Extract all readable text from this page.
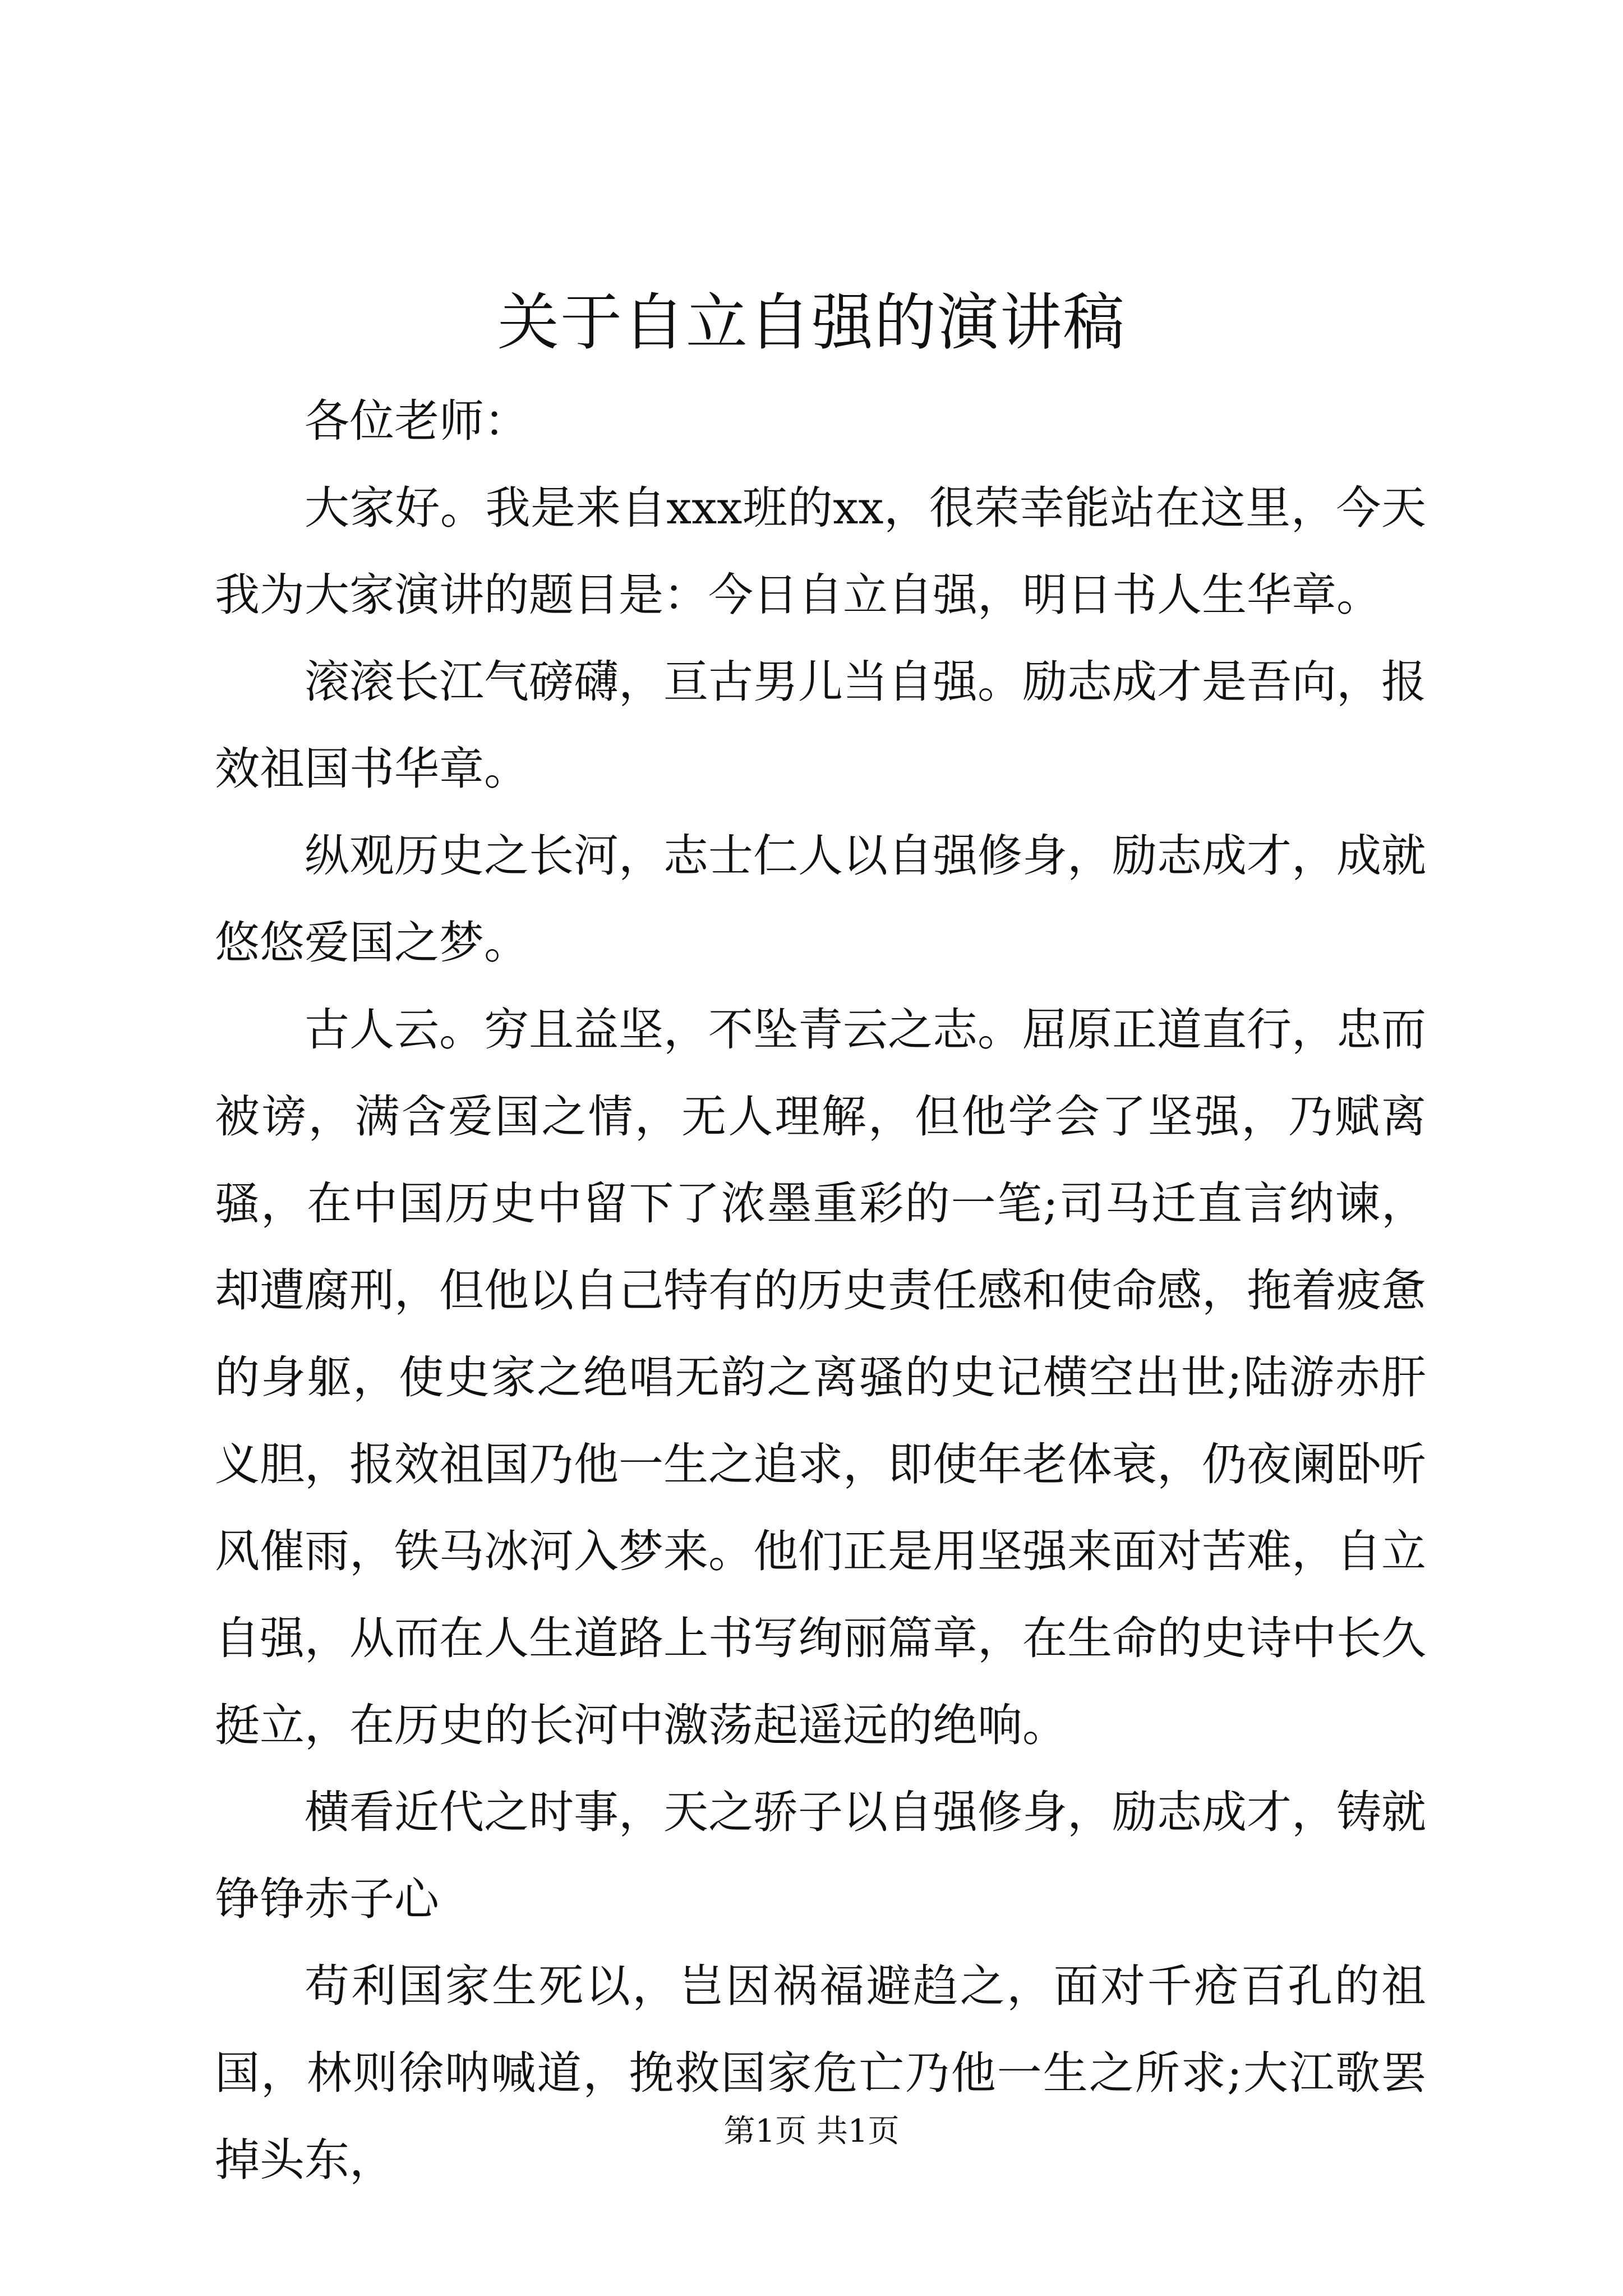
关于自立自强的演讲稿

各位老师：

大家好。我是来自xxx班的xx，很荣幸能站在这里，今天我为大家演讲的题目是：今日自立自强，明日书人生华章。

滚滚长江气磅礴，亘古男儿当自强。励志成才是吾向，报效祖国书华章。

纵观历史之长河，志士仁人以自强修身，励志成才，成就悠悠爱国之梦。

古人云。穷且益坚，不坠青云之志。屈原正道直行，忠而被谤，满含爱国之情，无人理解，但他学会了坚强，乃赋离骚，在中国历史中留下了浓墨重彩的一笔;司马迁直言纳谏，却遭腐刑，但他以自己特有的历史责任感和使命感，拖着疲惫的身躯，使史家之绝唱无韵之离骚的史记横空出世;陆游赤肝义胆，报效祖国乃他一生之追求，即使年老体衰，仍夜阑卧听风催雨，铁马冰河入梦来。他们正是用坚强来面对苦难，自立自强，从而在人生道路上书写绚丽篇章，在生命的史诗中长久挺立，在历史的长河中激荡起遥远的绝响。

横看近代之时事，天之骄子以自强修身，励志成才，铸就铮铮赤子心

苟利国家生死以，岂因祸福避趋之，面对千疮百孔的祖国，林则徐呐喊道，挽救国家危亡乃他一生之所求;大江歌罢掉头东，

第1页 共1页
